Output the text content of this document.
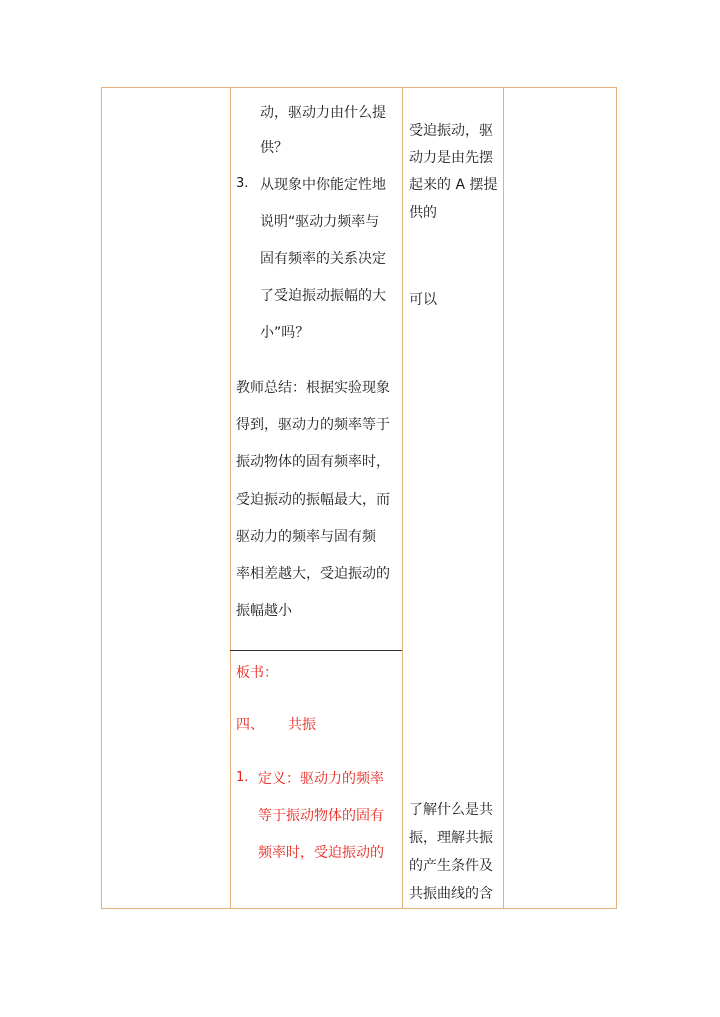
动，驱动力由什么提
供？
3. 从现象中你能定性地
说明“驱动力频率与
固有频率的关系决定
了受迫振动振幅的大
小”吗？
教师总结：根据实验现象
得到，驱动力的频率等于
振动物体的固有频率时，
受迫振动的振幅最大，而
驱动力的频率与固有频
率相差越大，受迫振动的
振幅越小
板书：
四、 共振
1. 定义：驱动力的频率
等于振动物体的固有
频率时，受迫振动的
受迫振动，驱
动力是由先摆
起来的 A 摆提
供的
可以
了解什么是共
振，理解共振
的产生条件及
共振曲线的含
